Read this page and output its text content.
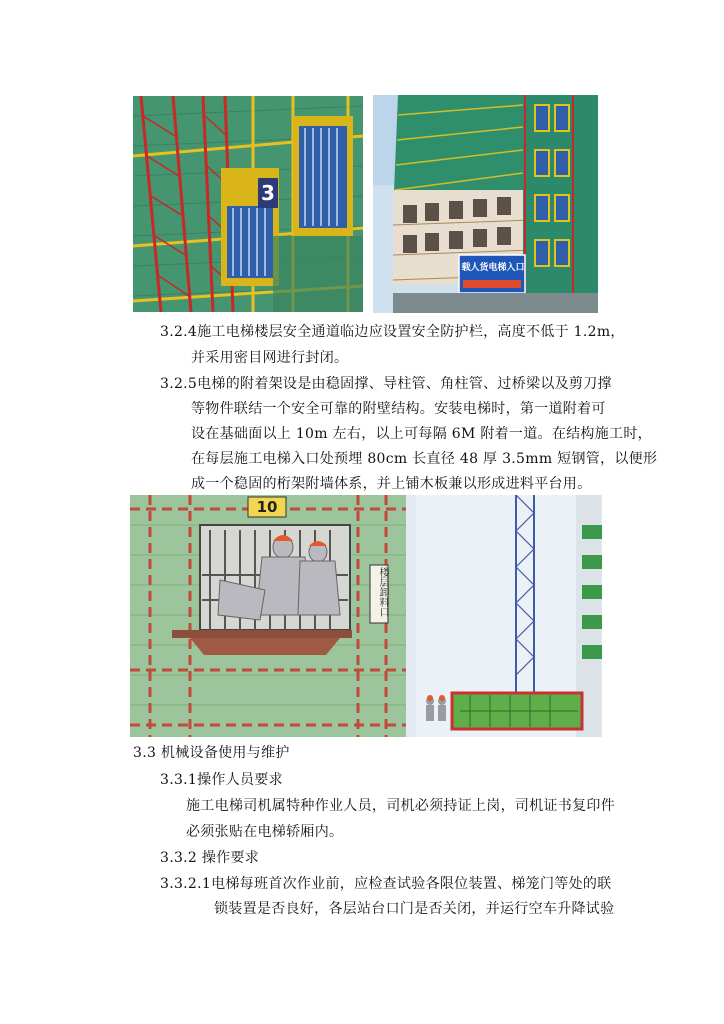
3
载人货电梯入口
3.2.4施工电梯楼层安全通道临边应设置安全防护栏，高度不低于 1.2m，
并采用密目网进行封闭。
3.2.5电梯的附着架设是由稳固撑、导柱管、角柱管、过桥梁以及剪刀撑
等物件联结一个安全可靠的附壁结构。安装电梯时，第一道附着可
设在基础面以上 10m 左右，以上可每隔 6M 附着一道。在结构施工时，
在每层施工电梯入口处预埋 80cm 长直径 48 厚 3.5mm 短钢管，以便形
成一个稳固的桁架附墙体系，并上铺木板兼以形成进料平台用。
10
楼层卸料口
3.3 机械设备使用与维护
3.3.1操作人员要求
施工电梯司机属特种作业人员，司机必须持证上岗，司机证书复印件
必须张贴在电梯轿厢内。
3.3.2 操作要求
3.3.2.1电梯每班首次作业前，应检查试验各限位装置、梯笼门等处的联
锁装置是否良好，各层站台口门是否关闭，并运行空车升降试验
